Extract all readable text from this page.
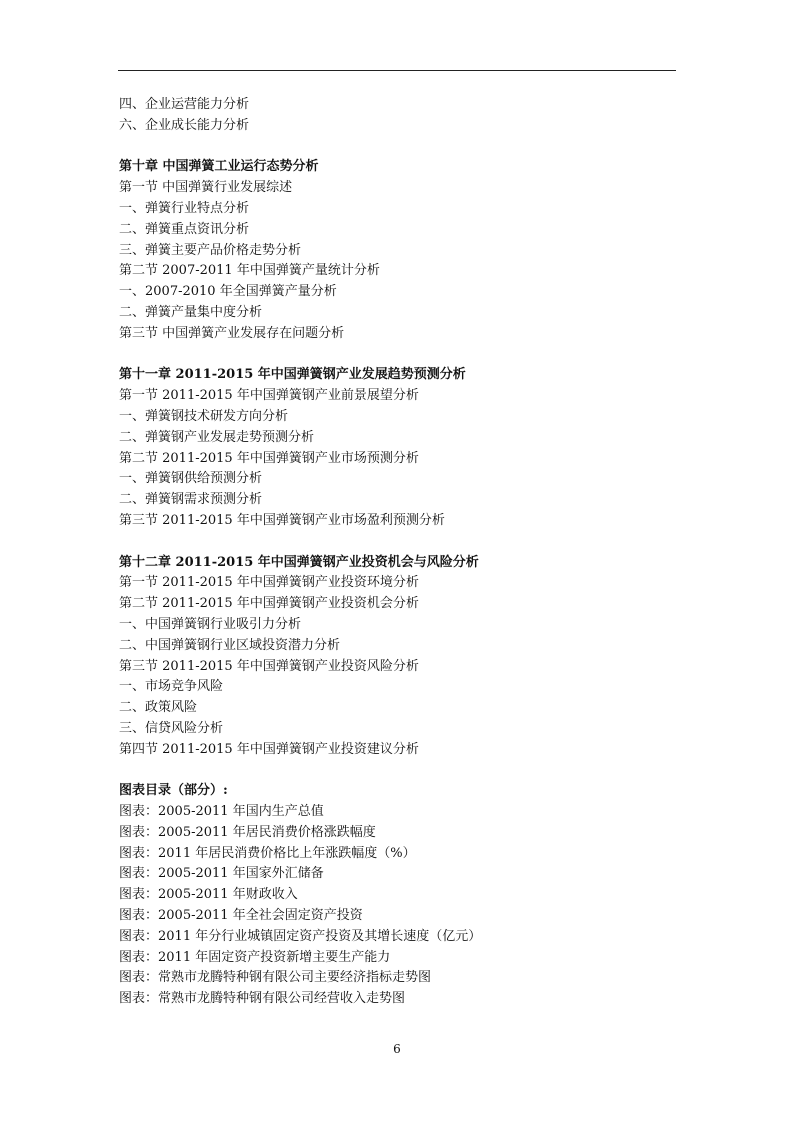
四、企业运营能力分析
六、企业成长能力分析
第十章 中国弹簧工业运行态势分析
第一节 中国弹簧行业发展综述
一、弹簧行业特点分析
二、弹簧重点资讯分析
三、弹簧主要产品价格走势分析
第二节 2007-2011 年中国弹簧产量统计分析
一、2007-2010 年全国弹簧产量分析
二、弹簧产量集中度分析
第三节 中国弹簧产业发展存在问题分析
第十一章 2011-2015 年中国弹簧钢产业发展趋势预测分析
第一节 2011-2015 年中国弹簧钢产业前景展望分析
一、弹簧钢技术研发方向分析
二、弹簧钢产业发展走势预测分析
第二节 2011-2015 年中国弹簧钢产业市场预测分析
一、弹簧钢供给预测分析
二、弹簧钢需求预测分析
第三节 2011-2015 年中国弹簧钢产业市场盈利预测分析
第十二章 2011-2015 年中国弹簧钢产业投资机会与风险分析
第一节 2011-2015 年中国弹簧钢产业投资环境分析
第二节 2011-2015 年中国弹簧钢产业投资机会分析
一、中国弹簧钢行业吸引力分析
二、中国弹簧钢行业区域投资潜力分析
第三节 2011-2015 年中国弹簧钢产业投资风险分析
一、市场竞争风险
二、政策风险
三、信贷风险分析
第四节 2011-2015 年中国弹簧钢产业投资建议分析
图表目录（部分）:
图表：2005-2011 年国内生产总值
图表：2005-2011 年居民消费价格涨跌幅度
图表：2011 年居民消费价格比上年涨跌幅度（%）
图表：2005-2011 年国家外汇储备
图表：2005-2011 年财政收入
图表：2005-2011 年全社会固定资产投资
图表：2011 年分行业城镇固定资产投资及其增长速度（亿元）
图表：2011 年固定资产投资新增主要生产能力
图表：常熟市龙腾特种钢有限公司主要经济指标走势图
图表：常熟市龙腾特种钢有限公司经营收入走势图
6
